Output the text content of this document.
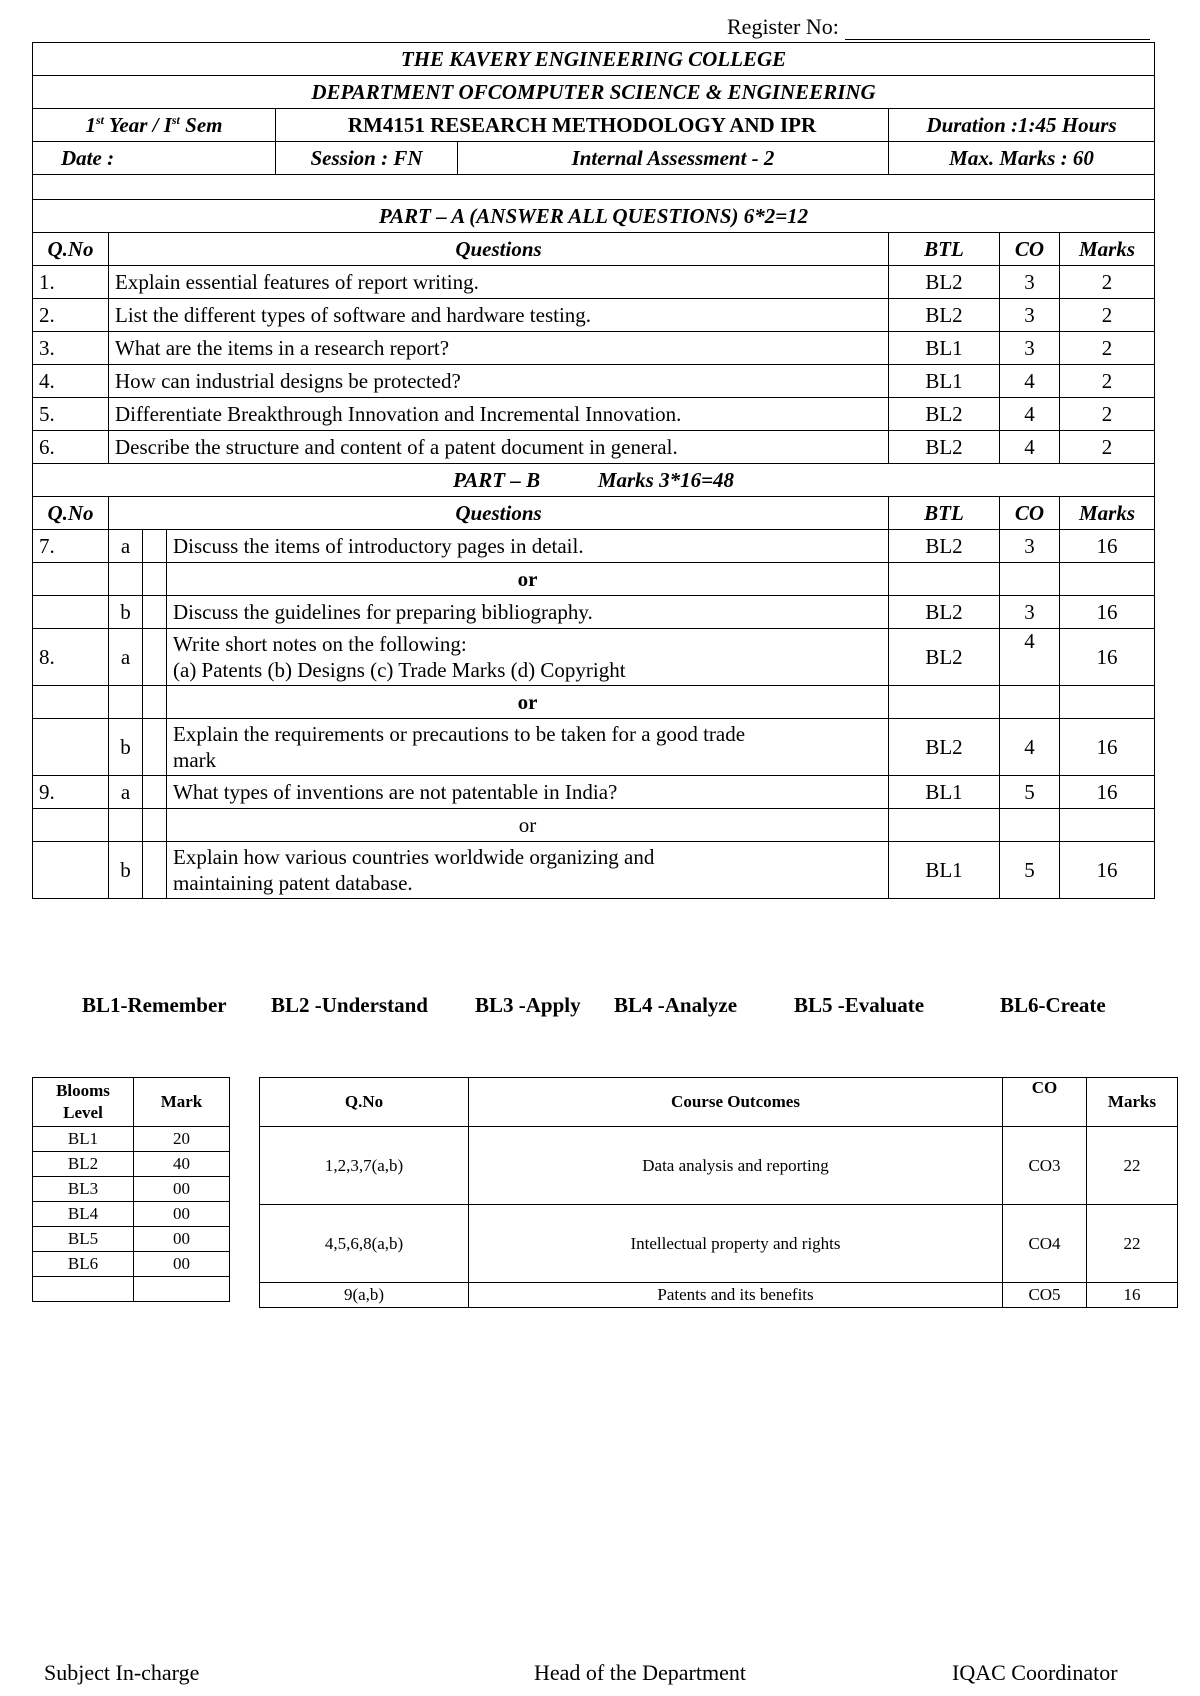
Register No:
THE KAVERY ENGINEERING COLLEGE								
DEPARTMENT OFCOMPUTER SCIENCE & ENGINEERING								
1st Year / Ist Sem				RM4151 RESEARCH METHODOLOGY AND IPR		Duration :1:45 Hours		
Date :				Session : FN	Internal Assessment - 2	Max. Marks : 60		

PART – A (ANSWER ALL QUESTIONS) 6*2=12								
Q.No	Questions					BTL	CO	Marks
1.	Explain essential features of report writing.					BL2	3	2
2.	List the different types of software and hardware testing.					BL2	3	2
3.	What are the items in a research report?					BL1	3	2
4.	How can industrial designs be protected?					BL1	4	2
5.	Differentiate Breakthrough Innovation and Incremental Innovation.					BL2	4	2
6.	Describe the structure and content of a patent document in general.					BL2	4	2
PART – B           Marks 3*16=48								
Q.No	Questions					BTL	CO	Marks
7.	a		Discuss the items of introductory pages in detail.			BL2	3	16
			or					
	b		Discuss the guidelines for preparing bibliography.			BL2	3	16
8.	a		Write short notes on the following:
(a) Patents (b) Designs (c) Trade Marks (d) Copyright			BL2	4	16
			or					
	b		Explain the requirements or precautions to be taken for a good trade
mark			BL2	4	16
9.	a		What types of inventions are not patentable in India?			BL1	5	16
			or					
	b		Explain how various countries worldwide organizing and
maintaining patent database.			BL1	5	16
BL1-Remember BL2 -Understand BL3 -Apply BL4 -Analyze	BL5 -Evaluate	BL6-Create
Blooms
Level	Mark
BL1	20
BL2	40
BL3	00
BL4	00
BL5	00
BL6	00

Q.No	Course Outcomes	CO	Marks
1,2,3,7(a,b)	Data analysis and reporting	CO3	22
4,5,6,8(a,b)	Intellectual property and rights	CO4	22
9(a,b)	Patents and its benefits	CO5	16
Subject In-charge	Head of the Department	IQAC Coordinator
